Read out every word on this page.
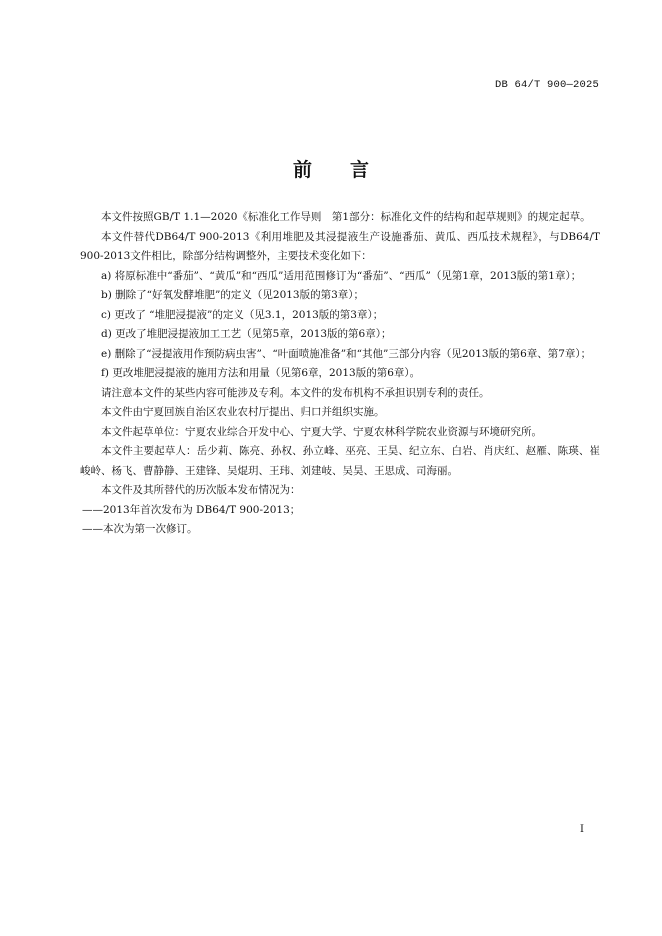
DB 64/T 900—2025
前　　言

本文件按照GB/T 1.1—2020《标准化工作导则　第1部分：标准化文件的结构和起草规则》的规定起草。

本文件替代DB64/T 900-2013《利用堆肥及其浸提液生产设施番茄、黄瓜、西瓜技术规程》，与DB64/T 900-2013文件相比，除部分结构调整外，主要技术变化如下：

a) 将原标准中“番茄”、“黄瓜”和“西瓜”适用范围修订为“番茄”、“西瓜”（见第1章，2013版的第1章）；

b) 删除了“好氧发酵堆肥”的定义（见2013版的第3章）；

c) 更改了 “堆肥浸提液”的定义（见3.1，2013版的第3章）；

d) 更改了堆肥浸提液加工工艺（见第5章，2013版的第6章）；

e) 删除了“浸提液用作预防病虫害”、“叶面喷施准备”和“其他”三部分内容（见2013版的第6章、第7章）；

f) 更改堆肥浸提液的施用方法和用量（见第6章，2013版的第6章）。

请注意本文件的某些内容可能涉及专利。本文件的发布机构不承担识别专利的责任。

本文件由宁夏回族自治区农业农村厅提出、归口并组织实施。

本文件起草单位：宁夏农业综合开发中心、宁夏大学、宁夏农林科学院农业资源与环境研究所。

本文件主要起草人：岳少莉、陈亮、孙权、孙立峰、巫亮、王昊、纪立东、白岩、肖庆红、赵雁、陈瑛、崔峻岭、杨飞、曹静静、王建锋、吴焜玥、王玮、刘建岐、吴昊、王思成、司海丽。

本文件及其所替代的历次版本发布情况为：

——2013年首次发布为 DB64/T 900-2013；

——本次为第一次修订。

I
